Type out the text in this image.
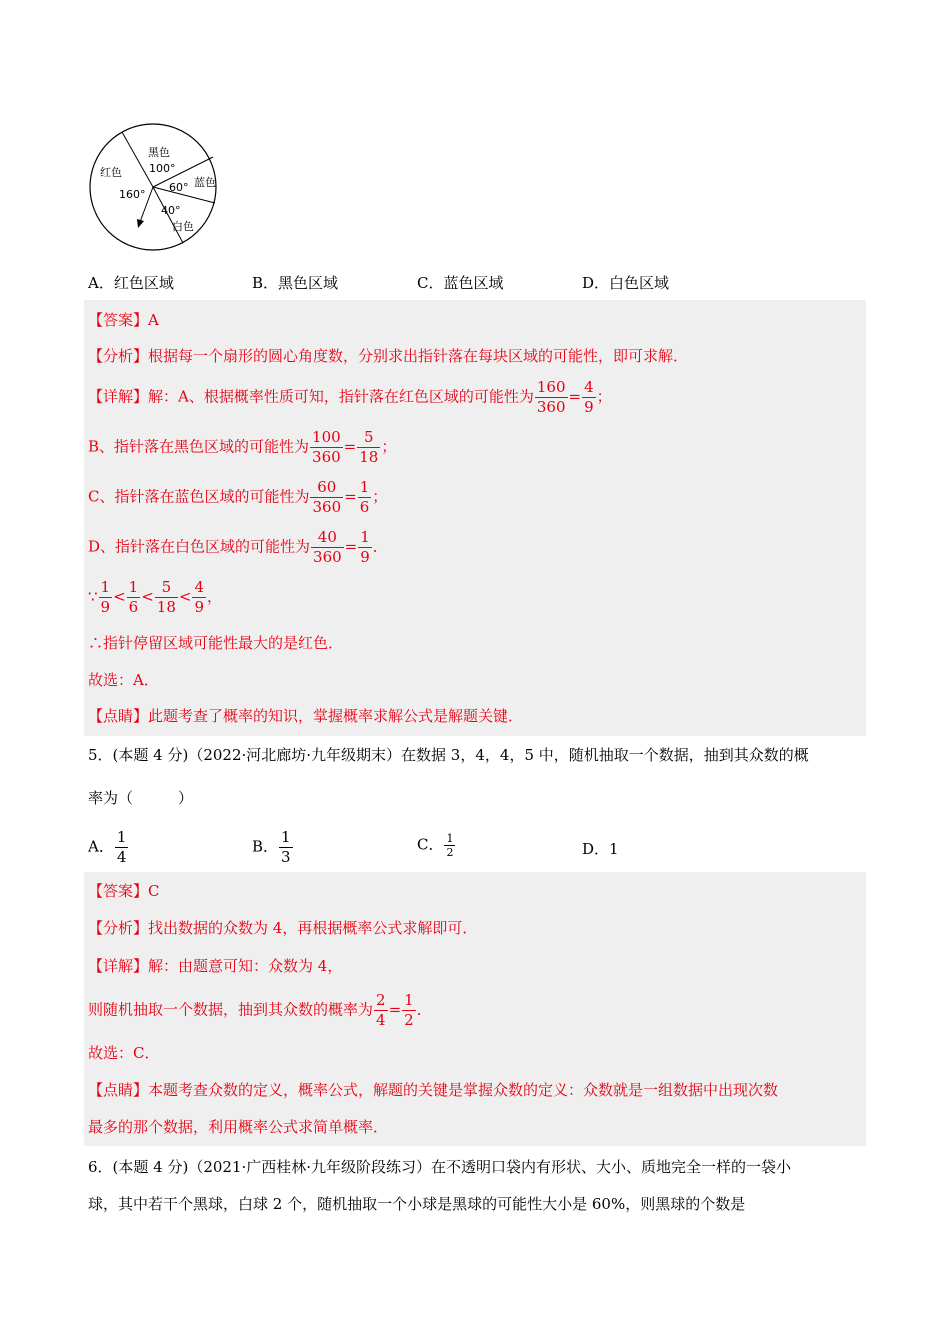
黑色
100°
红色
160°
60° 蓝色
40°
白色
A．红色区域	B．黑色区域	C．蓝色区域	D．白色区域
【答案】A
【分析】根据每一个扇形的圆心角度数，分别求出指针落在每块区域的可能性，即可求解．
【详解】解：A、根据概率性质可知，指针落在红色区域的可能性为 $\frac{160}{360} = \frac{4}{9}$ ；
B、指针落在黑色区域的可能性为 $\frac{100}{360} = \frac{5}{18}$ ；
C、指针落在蓝色区域的可能性为 $\frac{60}{360} = \frac{1}{6}$ ；
D、指针落在白色区域的可能性为 $\frac{40}{360} = \frac{1}{9}$ ．
∵ $\frac{1}{9} < \frac{1}{6} < \frac{5}{18} < \frac{4}{9}$ ，
∴指针停留区域可能性最大的是红色．
故选：A．
【点睛】此题考查了概率的知识，掌握概率求解公式是解题关键．
5．(本题 4 分)（2022·河北廊坊·九年级期末）在数据 3，4，4，5 中，随机抽取一个数据，抽到其众数的概
率为（　　　）
A． $\frac{1}{4}$	B． $\frac{1}{3}$	C． $\frac{1}{2}$	D．1
【答案】C
【分析】找出数据的众数为 4，再根据概率公式求解即可．
【详解】解：由题意可知：众数为 4，
则随机抽取一个数据，抽到其众数的概率为 $\frac{2}{4} = \frac{1}{2}$ ．
故选：C．
【点睛】本题考查众数的定义，概率公式，解题的关键是掌握众数的定义：众数就是一组数据中出现次数
最多的那个数据，利用概率公式求简单概率．
6．(本题 4 分)（2021·广西桂林·九年级阶段练习）在不透明口袋内有形状、大小、质地完全一样的一袋小
球，其中若干个黑球，白球 2 个，随机抽取一个小球是黑球的可能性大小是 60%，则黑球的个数是
